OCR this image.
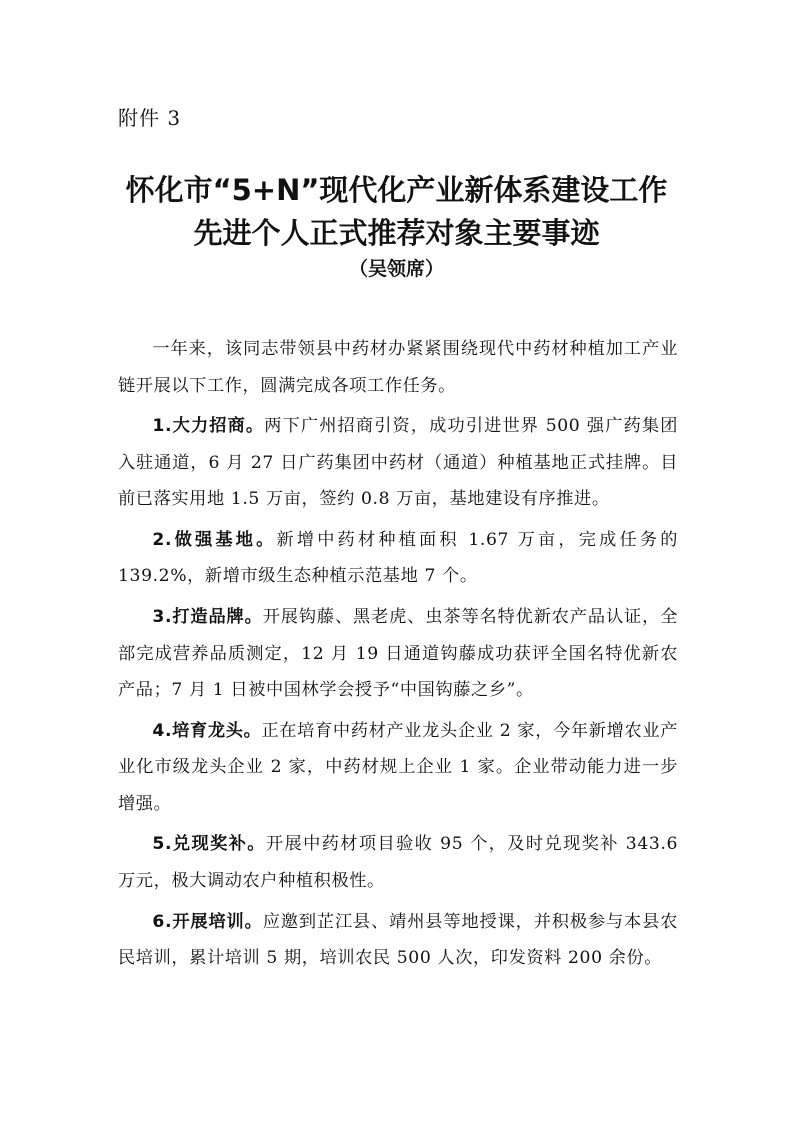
附件 3
怀化市“5+N”现代化产业新体系建设工作
先进个人正式推荐对象主要事迹
（吴领席）

一年来，该同志带领县中药材办紧紧围绕现代中药材种植加工产业链开展以下工作，圆满完成各项工作任务。

1.大力招商。两下广州招商引资，成功引进世界 500 强广药集团入驻通道，6 月 27 日广药集团中药材（通道）种植基地正式挂牌。目前已落实用地 1.5 万亩，签约 0.8 万亩，基地建设有序推进。

2.做强基地。新增中药材种植面积 1.67 万亩，完成任务的 139.2%，新增市级生态种植示范基地 7 个。

3.打造品牌。开展钩藤、黑老虎、虫茶等名特优新农产品认证，全部完成营养品质测定，12 月 19 日通道钩藤成功获评全国名特优新农产品；7 月 1 日被中国林学会授予“中国钩藤之乡”。

4.培育龙头。正在培育中药材产业龙头企业 2 家，今年新增农业产业化市级龙头企业 2 家，中药材规上企业 1 家。企业带动能力进一步增强。

5.兑现奖补。开展中药材项目验收 95 个，及时兑现奖补 343.6 万元，极大调动农户种植积极性。

6.开展培训。应邀到芷江县、靖州县等地授课，并积极参与本县农民培训，累计培训 5 期，培训农民 500 人次，印发资料 200 余份。
